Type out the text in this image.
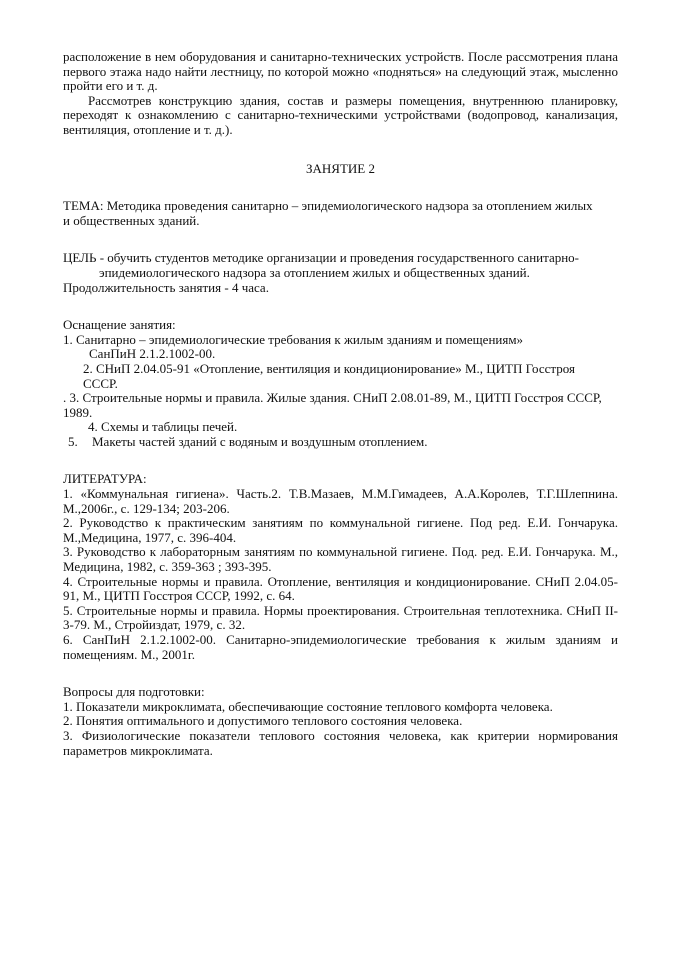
расположение в нем оборудования и санитарно-технических устройств. После рассмотрения плана первого этажа надо найти лестницу, по которой можно «подняться» на следующий этаж, мысленно пройти его и т. д.

Рассмотрев конструкцию здания, состав и размеры помещения, внутреннюю планировку, переходят к ознакомлению с санитарно-техническими устройствами (водопровод, канализация, вентиляция, отопление и т. д.).

ЗАНЯТИЕ 2

ТЕМА: Методика проведения санитарно – эпидемиологического надзора за отоплением жилых и общественных зданий.

ЦЕЛЬ - обучить студентов методике организации и проведения государственного санитарно-эпидемиологического надзора за отоплением жилых и общественных зданий.

Продолжительность занятия - 4 часа.

Оснащение занятия:

1. Санитарно – эпидемиологические требования к жилым зданиям и помещениям»

СанПиН 2.1.2.1002-00.

2. СНиП 2.04.05-91 «Отопление, вентиляция и кондиционирование» М., ЦИТП Госстроя СССР.

. 3. Строительные нормы и правила. Жилые здания. СНиП 2.08.01-89, М., ЦИТП Госстроя СССР, 1989.

4. Схемы и таблицы печей.

5. Макеты частей зданий с водяным и воздушным отоплением.

ЛИТЕРАТУРА:

1. «Коммунальная гигиена». Часть.2. Т.В.Мазаев, М.М.Гимадеев, А.А.Королев, Т.Г.Шлепнина. М.,2006г., с. 129-134; 203-206.

2. Руководство к практическим занятиям по коммунальной гигиене. Под ред. Е.И. Гончарука. М.,Медицина, 1977, с. 396-404.

3. Руководство к лабораторным занятиям по коммунальной гигиене. Под. ред. Е.И. Гончарука. М., Медицина, 1982, с. 359-363 ; 393-395.

4. Строительные нормы и правила. Отопление, вентиляция и кондиционирование. СНиП 2.04.05-91, М., ЦИТП Госстроя СССР, 1992, с. 64.

5. Строительные нормы и правила. Нормы проектирования. Строительная теплотехника. СНиП II-3-79. М., Стройиздат, 1979, с. 32.

6. СанПиН 2.1.2.1002-00. Санитарно-эпидемиологические требования к жилым зданиям и помещениям. М., 2001г.

Вопросы для подготовки:

1. Показатели микроклимата, обеспечивающие состояние теплового комфорта человека.

2. Понятия оптимального и допустимого теплового состояния человека.

3. Физиологические показатели теплового состояния человека, как критерии нормирования параметров микроклимата.
